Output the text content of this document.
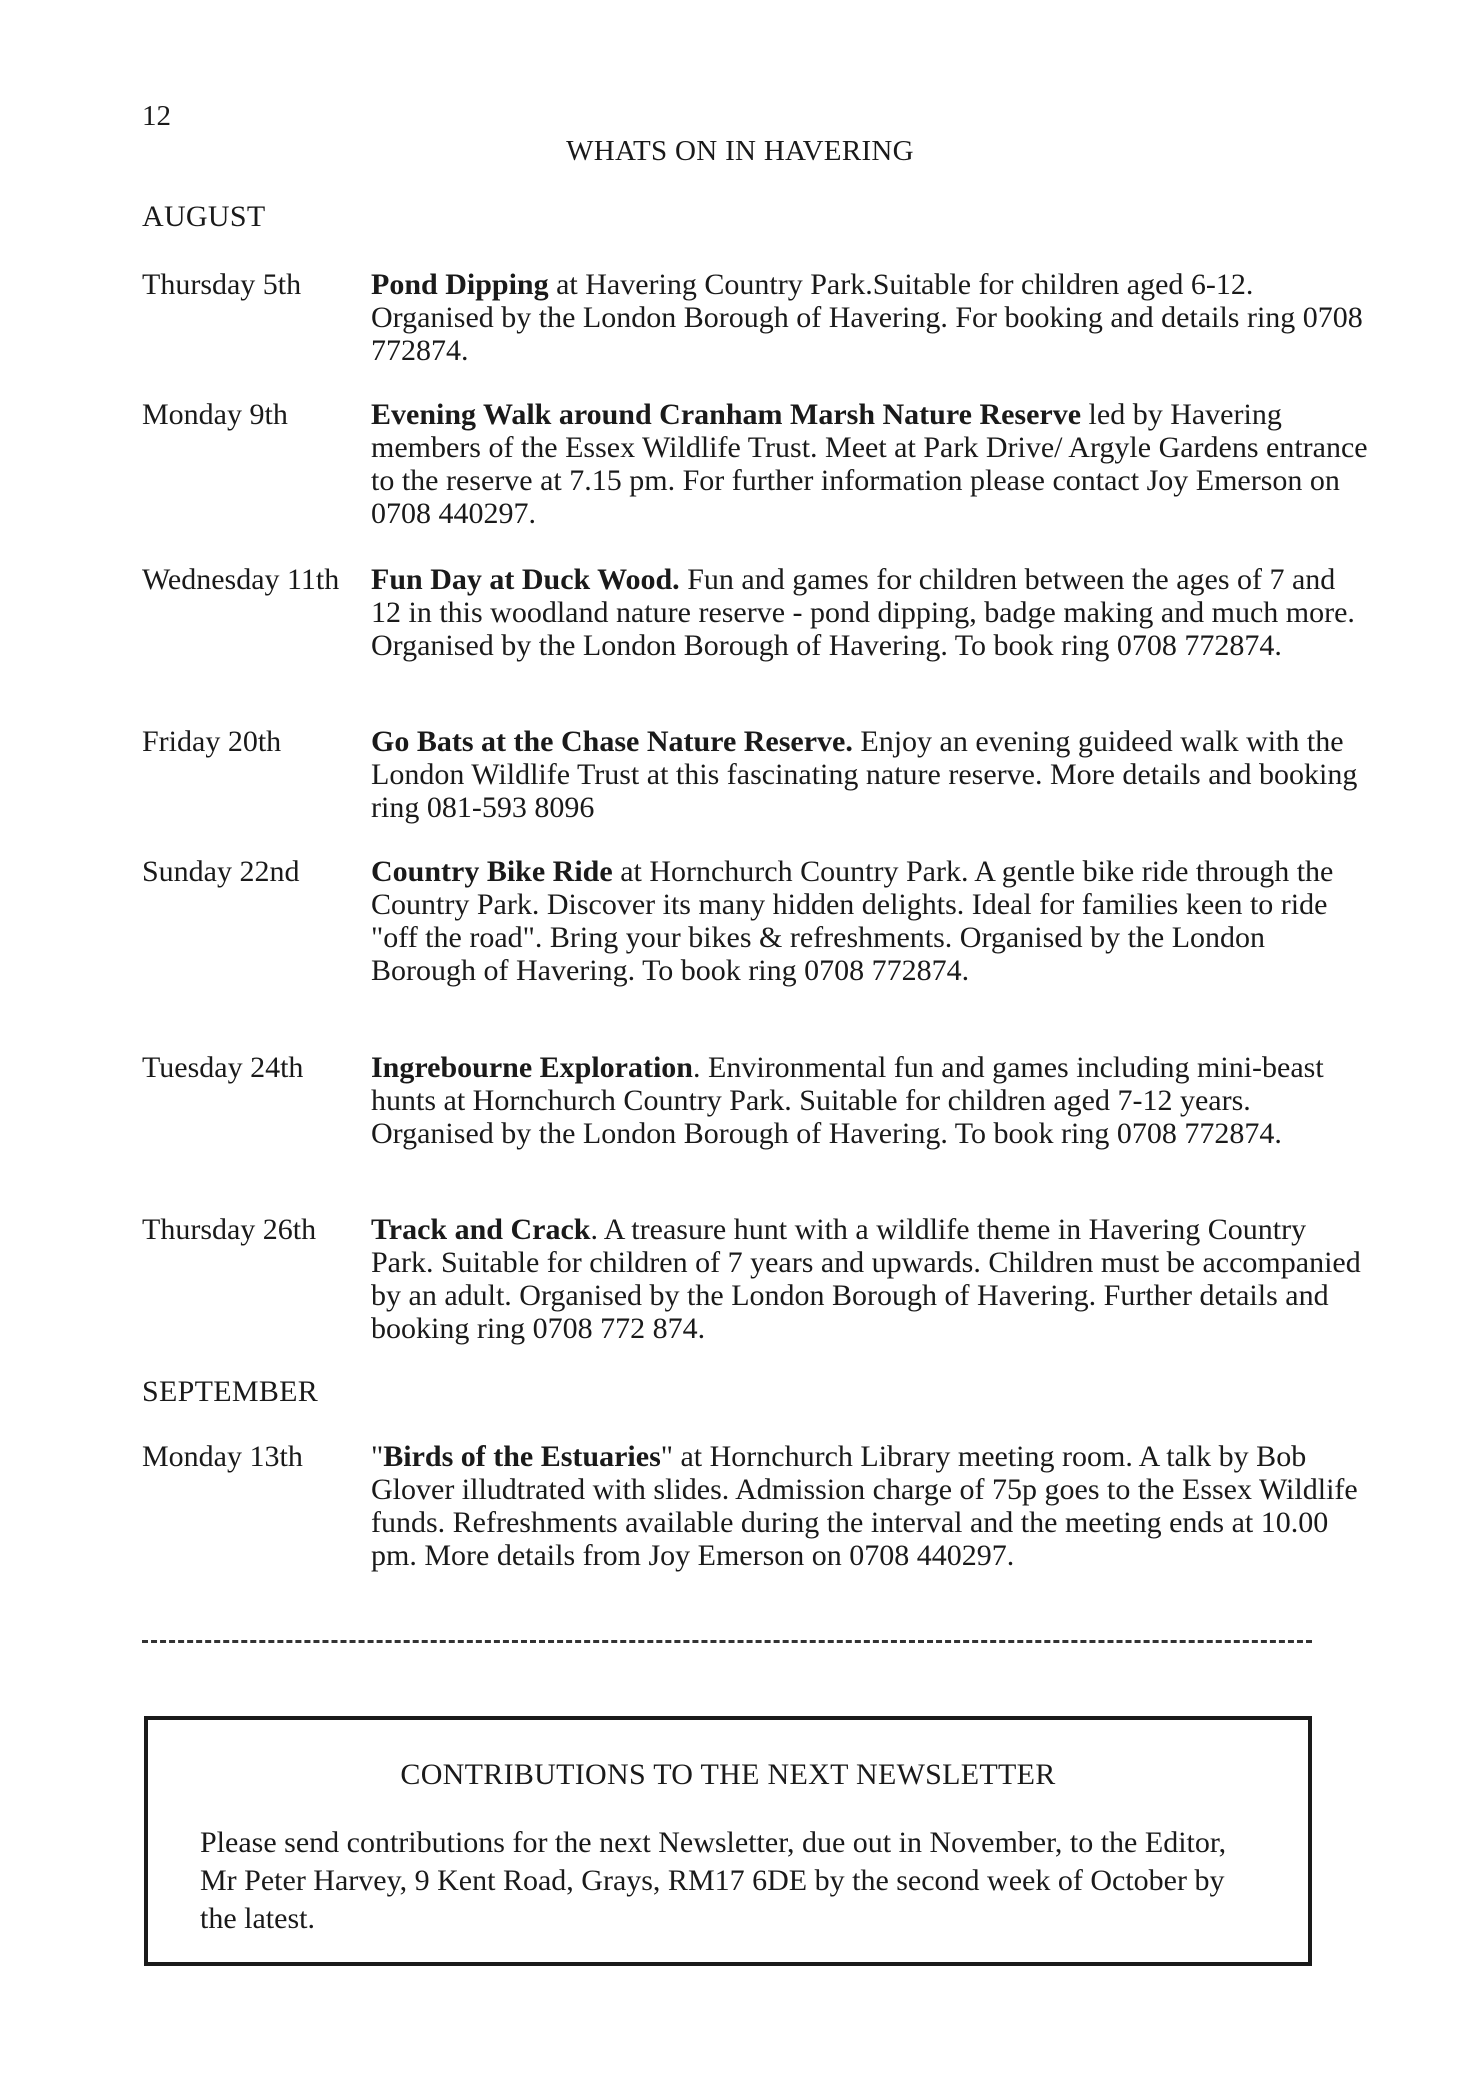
12
WHATS ON IN HAVERING
AUGUST
Thursday 5th Pond Dipping at Havering Country Park.Suitable for children aged 6-12. Organised by the London Borough of Havering. For booking and details ring 0708 772874.
Monday 9th	Evening Walk around Cranham Marsh Nature Reserve led by Havering members of the Essex Wildlife Trust. Meet at Park Drive/ Argyle Gardens entrance to the reserve at 7.15 pm. For further information please contact Joy Emerson on 0708 440297.
Wednesday 11th Fun Day at Duck Wood. Fun and games for children between the ages of 7 and 12 in this woodland nature reserve - pond dipping, badge making and much more. Organised by the London Borough of Havering. To book ring 0708 772874.
Friday 20th	Go Bats at the Chase Nature Reserve. Enjoy an evening guideed walk with the London Wildlife Trust at this fascinating nature reserve. More details and booking ring 081-593 8096
Sunday 22nd Country Bike Ride at Hornchurch Country Park. A gentle bike ride through the Country Park. Discover its many hidden delights. Ideal for families keen to ride "off the road". Bring your bikes & refreshments. Organised by the London Borough of Havering. To book ring 0708 772874.
Tuesday 24th Ingrebourne Exploration. Environmental fun and games including mini-beast hunts at Hornchurch Country Park. Suitable for children aged 7-12 years. Organised by the London Borough of Havering. To book ring 0708 772874.
Thursday 26th Track and Crack. A treasure hunt with a wildlife theme in Havering Country Park. Suitable for children of 7 years and upwards. Children must be accompanied by an adult. Organised by the London Borough of Havering. Further details and booking ring 0708 772 874.
SEPTEMBER
Monday 13th "Birds of the Estuaries" at Hornchurch Library meeting room. A talk by Bob Glover illudtrated with slides. Admission charge of 75p goes to the Essex Wildlife funds. Refreshments available during the interval and the meeting ends at 10.00 pm. More details from Joy Emerson on 0708 440297.
CONTRIBUTIONS TO THE NEXT NEWSLETTER
Please send contributions for the next Newsletter, due out in November, to the Editor, Mr Peter Harvey, 9 Kent Road, Grays, RM17 6DE by the second week of October by the latest.
